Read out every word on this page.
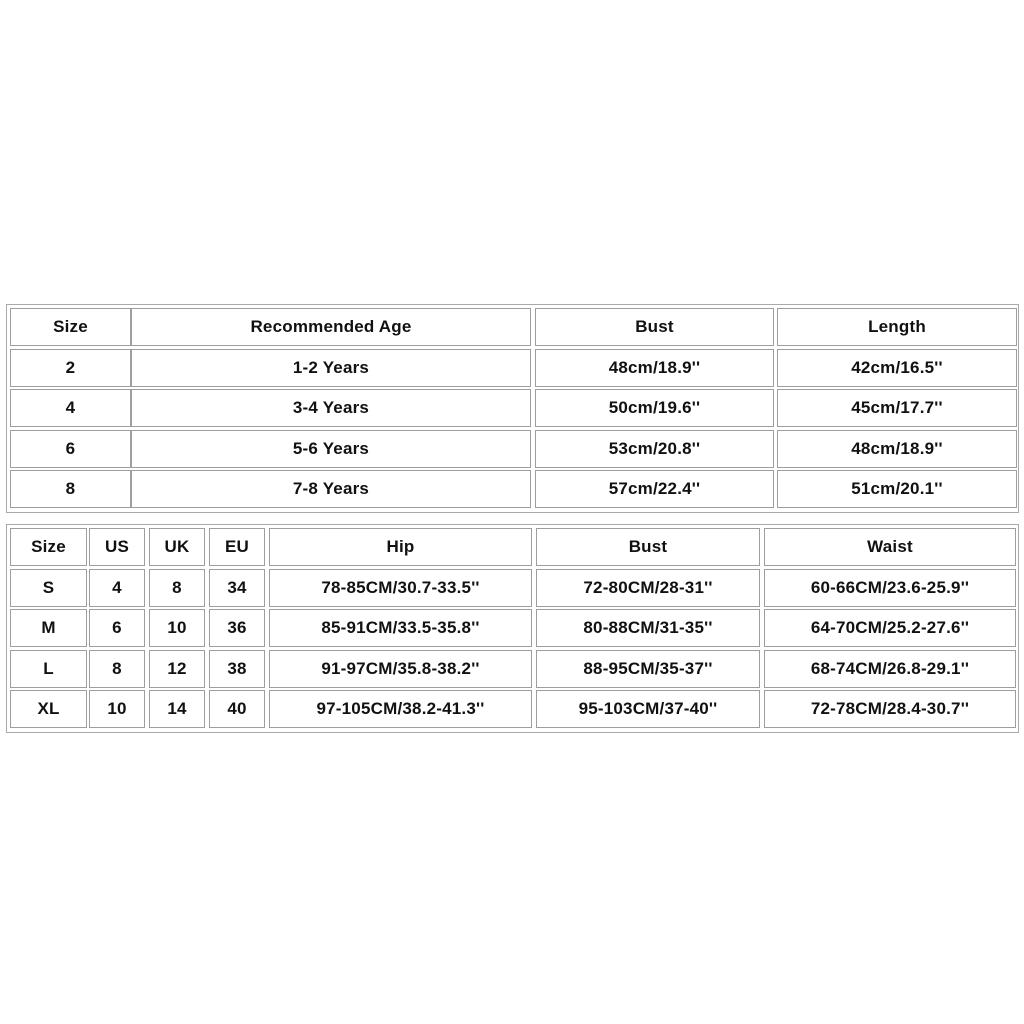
Size	Recommended Age	Bust	Length
2	1-2 Years	48cm/18.9''	42cm/16.5''
4	3-4 Years	50cm/19.6''	45cm/17.7''
6	5-6 Years	53cm/20.8''	48cm/18.9''
8	7-8 Years	57cm/22.4''	51cm/20.1''
Size	US	UK	EU	Hip	Bust	Waist
S	4	8	34	78-85CM/30.7-33.5''	72-80CM/28-31''	60-66CM/23.6-25.9''
M	6	10	36	85-91CM/33.5-35.8''	80-88CM/31-35''	64-70CM/25.2-27.6''
L	8	12	38	91-97CM/35.8-38.2''	88-95CM/35-37''	68-74CM/26.8-29.1''
XL	10	14	40	97-105CM/38.2-41.3''	95-103CM/37-40''	72-78CM/28.4-30.7''
